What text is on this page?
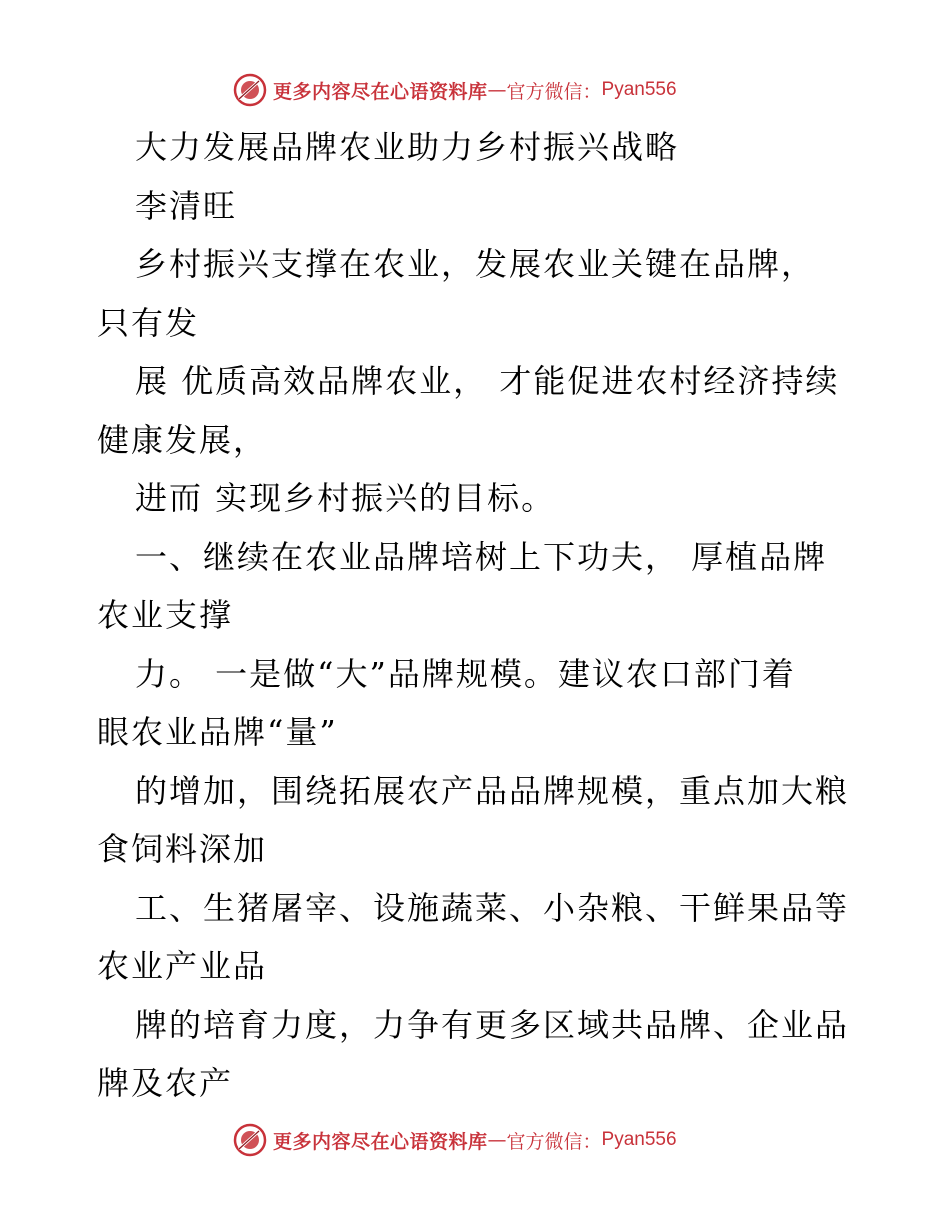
更多内容尽在心语资料库 — 官方微信： Pyan556
大力发展品牌农业助力乡村振兴战略
李清旺
乡村振兴支撑在农业，发展农业关键在品牌，
只有发
展 优质高效品牌农业， 才能促进农村经济持续
健康发展，
进而 实现乡村振兴的目标。
一、继续在农业品牌培树上下功夫， 厚植品牌
农业支撑
力。 一是做“大”品牌规模。建议农口部门着
眼农业品牌“量”
的增加，围绕拓展农产品品牌规模，重点加大粮
食饲料深加
工、生猪屠宰、设施蔬菜、小杂粮、干鲜果品等
农业产业品
牌的培育力度，力争有更多区域共品牌、企业品
牌及农产
更多内容尽在心语资料库 — 官方微信： Pyan556
